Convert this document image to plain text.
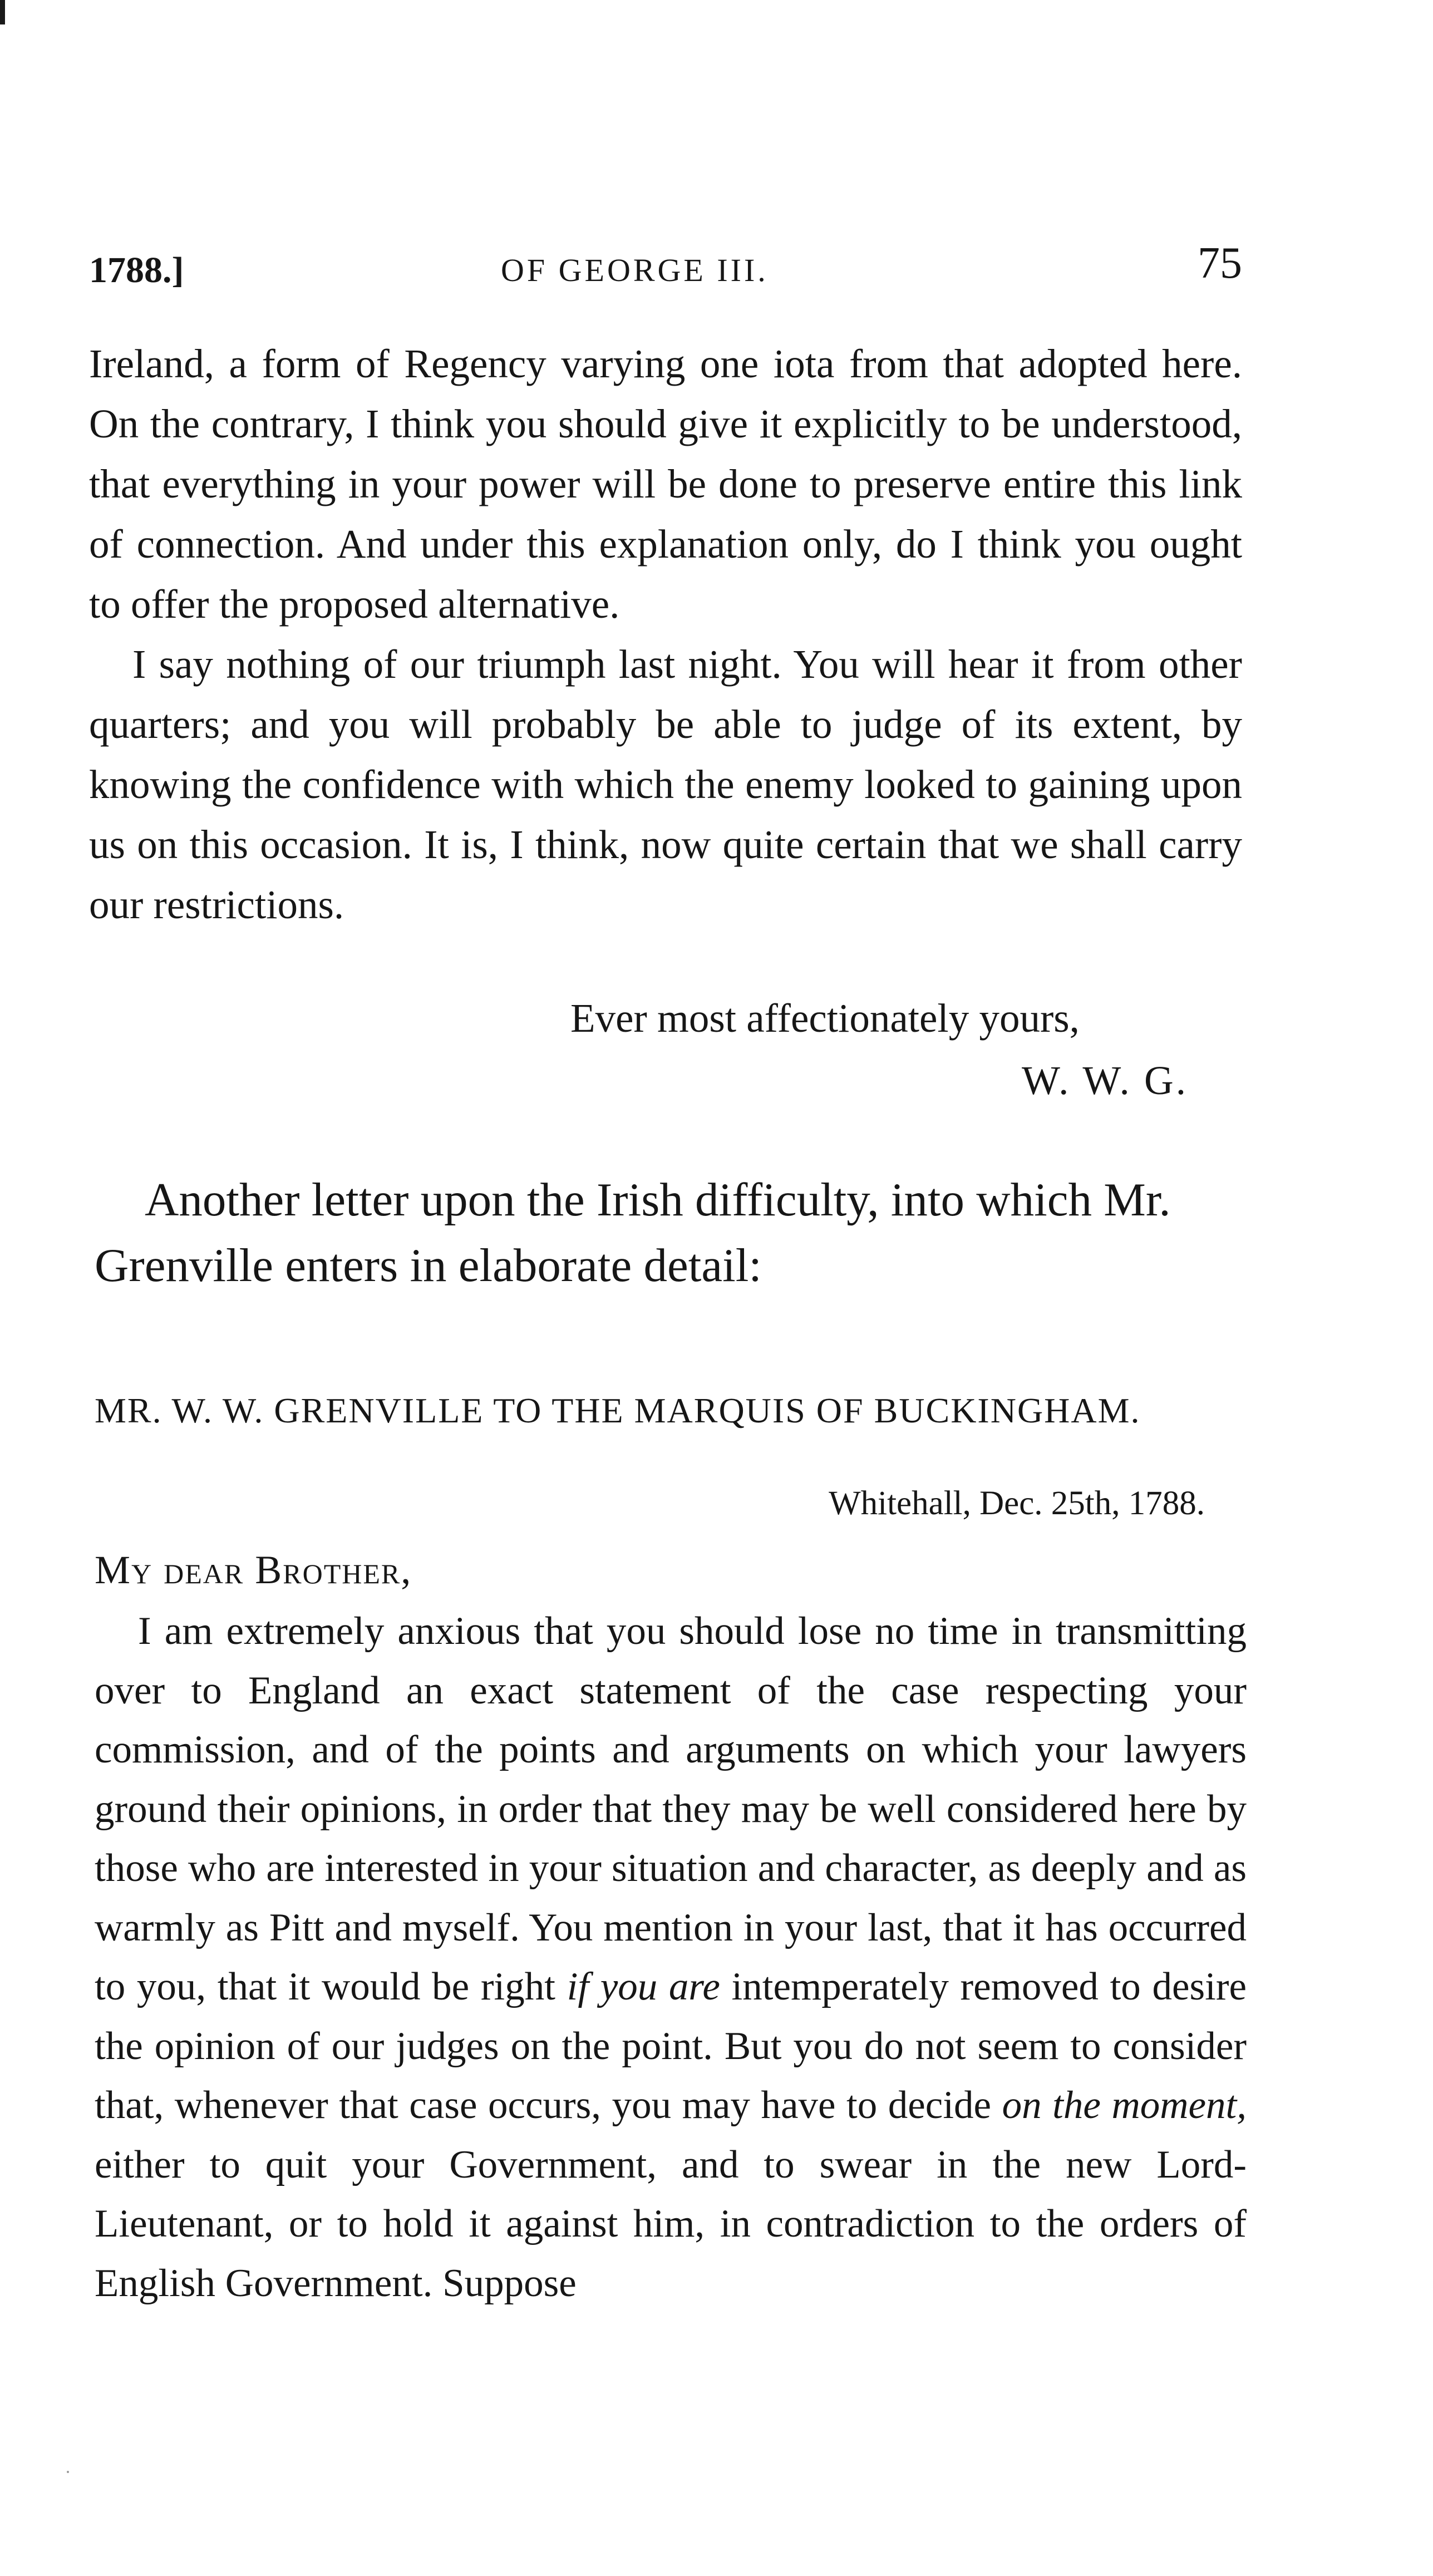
1788.]	OF GEORGE III.	75

Ireland, a form of Regency varying one iota from that adopted here. On the contrary, I think you should give it explicitly to be understood, that everything in your power will be done to preserve entire this link of connection. And under this explanation only, do I think you ought to offer the proposed alternative.

I say nothing of our triumph last night. You will hear it from other quarters; and you will probably be able to judge of its extent, by knowing the confidence with which the enemy looked to gaining upon us on this occasion. It is, I think, now quite certain that we shall carry our restrictions.

Ever most affectionately yours,
W. W. G.

Another letter upon the Irish difficulty, into which Mr. Grenville enters in elaborate detail:

MR. W. W. GRENVILLE TO THE MARQUIS OF BUCKINGHAM.
Whitehall, Dec. 25th, 1788.
My dear Brother,

I am extremely anxious that you should lose no time in transmitting over to England an exact statement of the case respecting your commission, and of the points and arguments on which your lawyers ground their opinions, in order that they may be well considered here by those who are interested in your situation and character, as deeply and as warmly as Pitt and myself. You mention in your last, that it has occurred to you, that it would be right if you are intemperately removed to desire the opinion of our judges on the point. But you do not seem to consider that, whenever that case occurs, you may have to decide on the moment, either to quit your Government, and to swear in the new Lord-Lieutenant, or to hold it against him, in contradiction to the orders of English Government. Suppose
